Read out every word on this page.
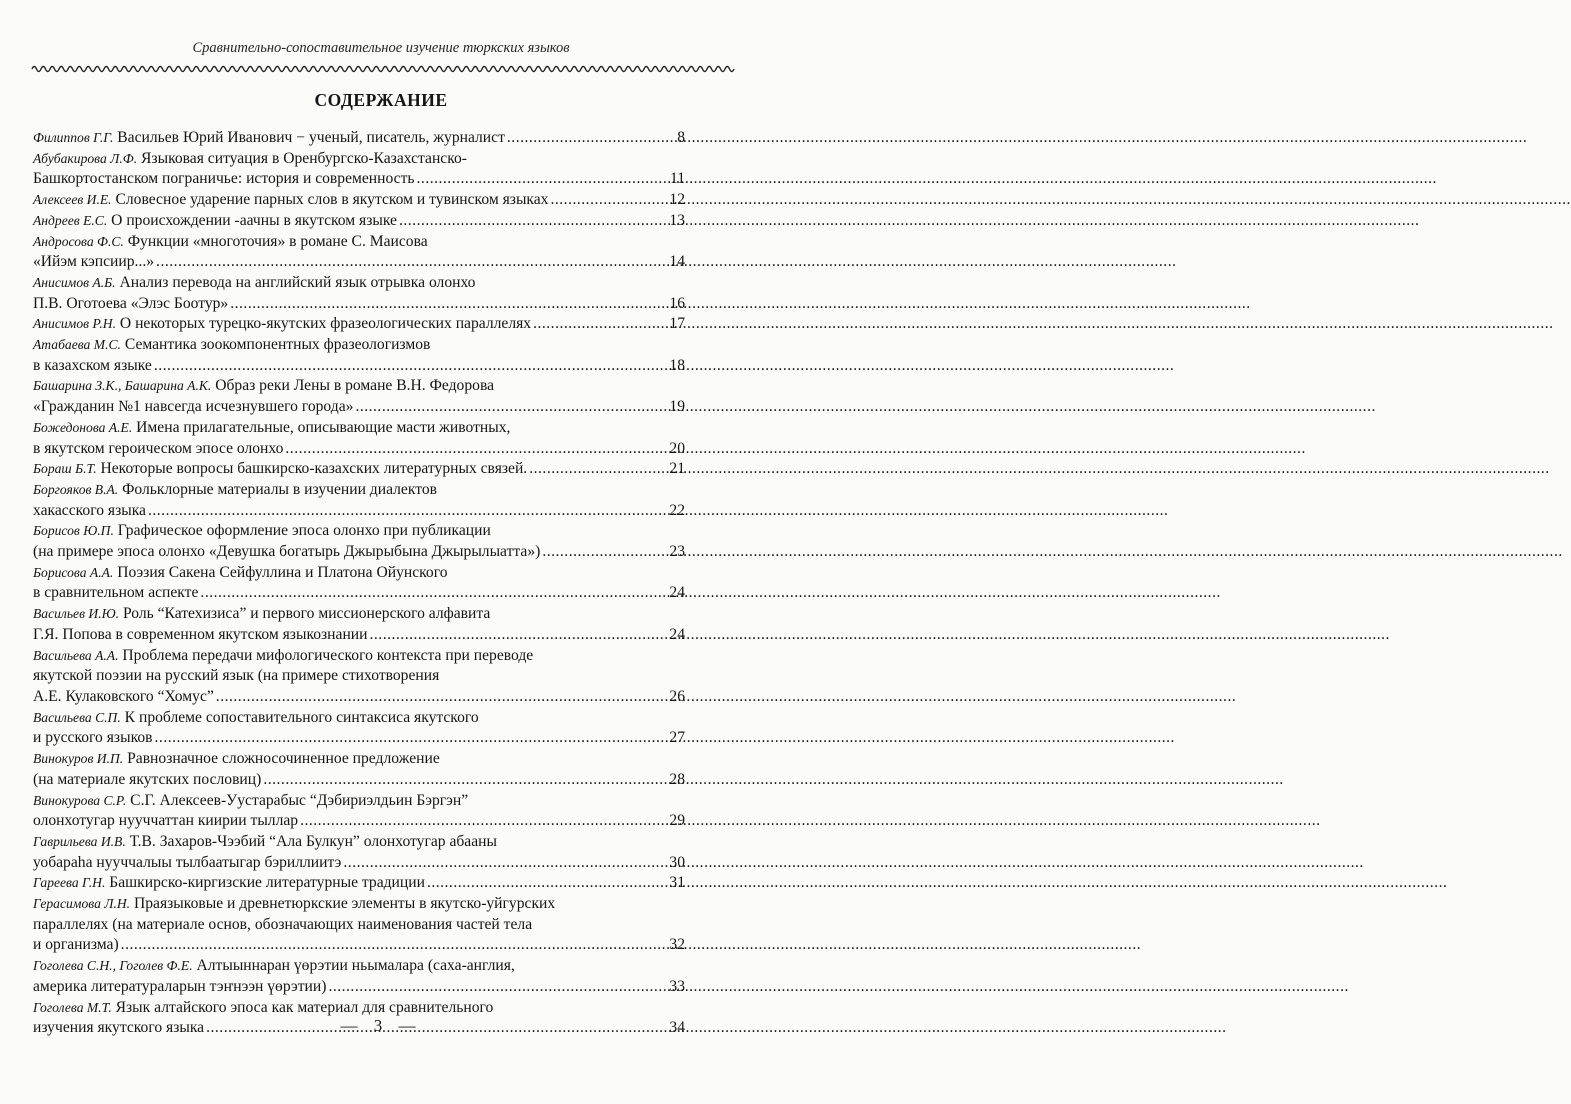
Сравнительно-сопоставительное изучение тюркских языков
СОДЕРЖАНИЕ
Филиппов Г.Г. Васильев Юрий Иванович − ученый, писатель, журналист .....	8
Абубакирова Л.Ф. Языковая ситуация в Оренбургско-Казахстанско-
Башкортостанском пограничье: история и современность .....	11
Алексеев И.Е. Словесное ударение парных слов в якутском и тувинском языках .....	12
Андреев Е.С. О происхождении -аачны в якутском языке .....	13
Андросова Ф.С. Функции «многоточия» в романе С. Маисова
«Ийэм кэпсиир...» .....	14
Анисимов А.Б. Анализ перевода на английский язык отрывка олонхо
П.В. Оготоева «Элэс Боотур» .....	16
Анисимов Р.Н. О некоторых турецко-якутских фразеологических параллелях .....	17
Атабаева М.С. Семантика зоокомпонентных фразеологизмов
в казахском языке .....	18
Башарина З.К., Башарина А.К. Образ реки Лены в романе В.Н. Федорова
«Гражданин №1 навсегда исчезнувшего города» .....	19
Божедонова А.Е. Имена прилагательные, описывающие масти животных,
в якутском героическом эпосе олонхо .....	20
Бораш Б.Т. Некоторые вопросы башкирско-казахских литературных связей. .....	21
Боргояков В.А. Фольклорные материалы в изучении диалектов
хакасского языка .....	22
Борисов Ю.П. Графическое оформление эпоса олонхо при публикации
(на примере эпоса олонхо «Девушка богатырь Джырыбына Джырылыатта») .....	23
Борисова А.А. Поэзия Сакена Сейфуллина и Платона Ойунского
в сравнительном аспекте .....	24
Васильев И.Ю. Роль “Катехизиса” и первого миссионерского алфавита
Г.Я. Попова в современном якутском языкознании .....	24
Васильева А.А. Проблема передачи мифологического контекста при переводе
якутской поэзии на русский язык (на примере стихотворения
А.Е. Кулаковского “Хомус” .....	26
Васильева С.П. К проблеме сопоставительного синтаксиса якутского
и русского языков .....	27
Винокуров И.П. Равнозначное сложносочиненное предложение
(на материале якутских пословиц) .....	28
Винокурова С.Р. С.Г. Алексеев-Уустарабыс “Дэбириэлдьин Бэргэн”
олонхотугар нууччаттан киирии тыллар .....	29
Гаврильева И.В. Т.В. Захаров-Чээбий “Ала Булкун” олонхотугар абааны
уобараhа нууччалыы тылбаатыгар бэриллиитэ .....	30
Гареева Г.Н. Башкирско-киргизские литературные традиции .....	31
Герасимова Л.Н. Праязыковые и древнетюркские элементы в якутско-уйгурских
параллелях (на материале основ, обозначающих наименования частей тела
и организма) .....	32
Гоголева С.Н., Гоголев Ф.Е. Алтыыннаран үөрэтии ньымалара (саха-англия,
америка литератураларын тэҥнээн үөрэтии) .....	33
Гоголева М.Т. Язык алтайского эпоса как материал для сравнительного
изучения якутского языка .....	34
— 3 —
